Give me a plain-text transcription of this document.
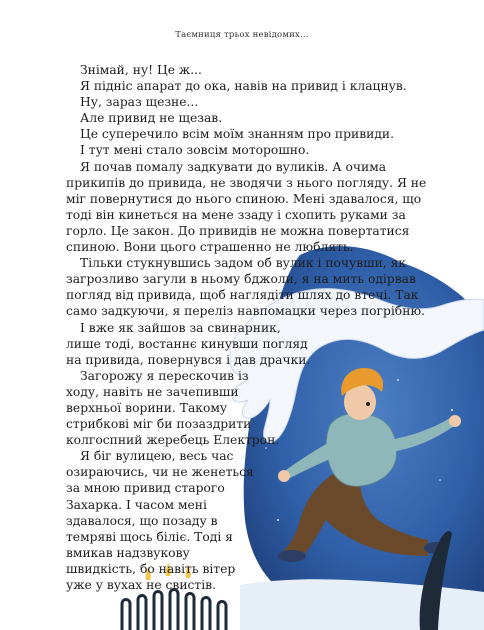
Таємниця трьох невідомих...

Знімай, ну! Це ж...

Я підніс апарат до ока, навів на привид і клацнув.

Ну, зараз щезне...

Але привид не щезав.

Це суперечило всім моїм знанням про привиди.

І тут мені стало зовсім моторошно.

Я почав помалу задкувати до вуликів. А очима прикипів до привида, не зводячи з нього погляду. Я не міг повернутися до нього спиною. Мені здавалося, що тоді він кинеться на мене ззаду і схопить руками за горло. Це закон. До привидів не можна повертатися спиною. Вони цього страшенно не люблять.

Тільки стукнувшись задом об вулик і почувши, як загрозливо загули в ньому бджоли, я на мить одірвав погляд від привида, щоб наглядіти шлях до втечі. Так само задкуючи, я переліз навпомацки через погрібню.

І вже як зайшов за свинарник, лише тоді, востаннє кинувши погляд на привида, повернувся і дав драчки.

Загорожу я перескочив із ходу, навіть не зачепивши верхньої ворини. Такому стрибкові міг би позаздрити колгоспний жеребець Електрон.

Я біг вулицею, весь час озираючись, чи не женеться за мною привид старого Захарка. І часом мені здавалося, що позаду в темряві щось біліє. Тоді я вмикав надзвукову швидкість, бо навіть вітер уже у вухах не свистів.
